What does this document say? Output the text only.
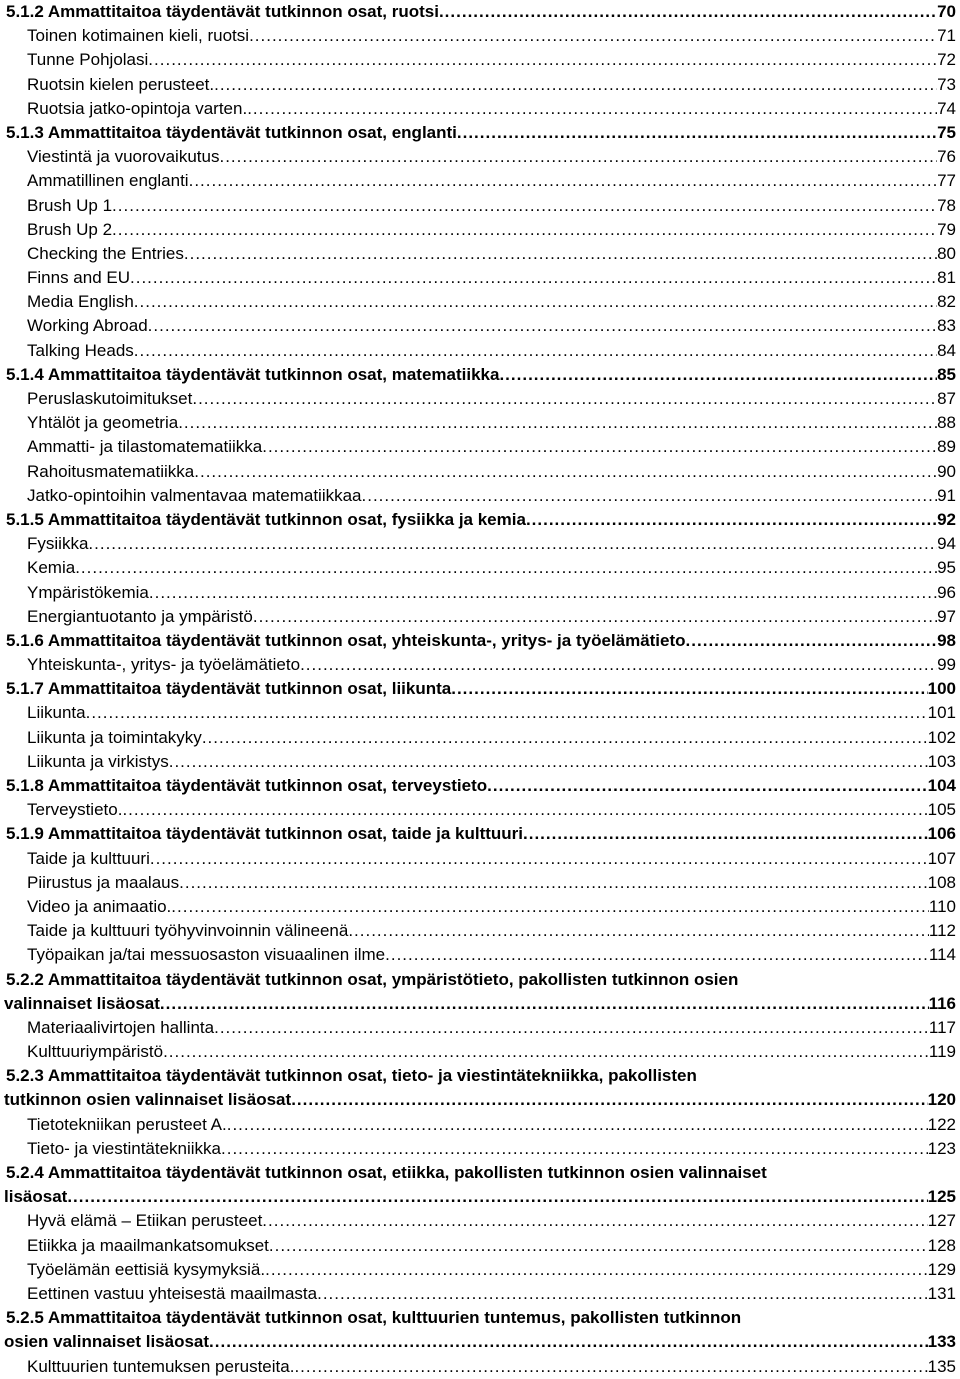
5.1.2 Ammattitaitoa täydentävät tutkinnon osat, ruotsi .....	70
Toinen kotimainen kieli, ruotsi .....	71
Tunne Pohjolasi .....	72
Ruotsin kielen perusteet. .....	73
Ruotsia jatko-opintoja varten. .....	74
5.1.3 Ammattitaitoa täydentävät tutkinnon osat, englanti .....	75
Viestintä ja vuorovaikutus .....	76
Ammatillinen englanti .....	77
Brush Up 1 .....	78
Brush Up 2 .....	79
Checking the Entries .....	80
Finns and EU .....	81
Media English .....	82
Working Abroad .....	83
Talking Heads .....	84
5.1.4 Ammattitaitoa täydentävät tutkinnon osat, matematiikka .....	85
Peruslaskutoimitukset .....	87
Yhtälöt ja geometria .....	88
Ammatti- ja tilastomatematiikka .....	89
Rahoitusmatematiikka .....	90
Jatko-opintoihin valmentavaa matematiikkaa .....	91
5.1.5 Ammattitaitoa täydentävät tutkinnon osat, fysiikka ja kemia .....	92
Fysiikka .....	94
Kemia .....	95
Ympäristökemia .....	96
Energiantuotanto ja ympäristö .....	97
5.1.6 Ammattitaitoa täydentävät tutkinnon osat, yhteiskunta-, yritys- ja työelämätieto .....	98
Yhteiskunta-, yritys- ja työelämätieto .....	99
5.1.7 Ammattitaitoa täydentävät tutkinnon osat, liikunta .....	100
Liikunta .....	101
Liikunta ja toimintakyky .....	102
Liikunta ja virkistys .....	103
5.1.8 Ammattitaitoa täydentävät tutkinnon osat, terveystieto .....	104
Terveystieto. .....	105
5.1.9 Ammattitaitoa täydentävät tutkinnon osat, taide ja kulttuuri .....	106
Taide ja kulttuuri .....	107
Piirustus ja maalaus .....	108
Video ja animaatio. .....	110
Taide ja kulttuuri työhyvinvoinnin välineenä .....	112
Työpaikan ja/tai messuosaston visuaalinen ilme .....	114
5.2.2 Ammattitaitoa täydentävät tutkinnon osat, ympäristötieto, pakollisten tutkinnon osien
valinnaiset lisäosat .....	116
Materiaalivirtojen hallinta .....	117
Kulttuuriympäristö .....	119
5.2.3 Ammattitaitoa täydentävät tutkinnon osat, tieto- ja viestintätekniikka, pakollisten
tutkinnon osien valinnaiset lisäosat .....	120
Tietotekniikan perusteet A. .....	122
Tieto- ja viestintätekniikka .....	123
5.2.4 Ammattitaitoa täydentävät tutkinnon osat, etiikka, pakollisten tutkinnon osien valinnaiset
lisäosat .....	125
Hyvä elämä – Etiikan perusteet .....	127
Etiikka ja maailmankatsomukset .....	128
Työelämän eettisiä kysymyksiä. .....	129
Eettinen vastuu yhteisestä maailmasta .....	131
5.2.5 Ammattitaitoa täydentävät tutkinnon osat, kulttuurien tuntemus, pakollisten tutkinnon
osien valinnaiset lisäosat .....	133
Kulttuurien tuntemuksen perusteita. .....	135
